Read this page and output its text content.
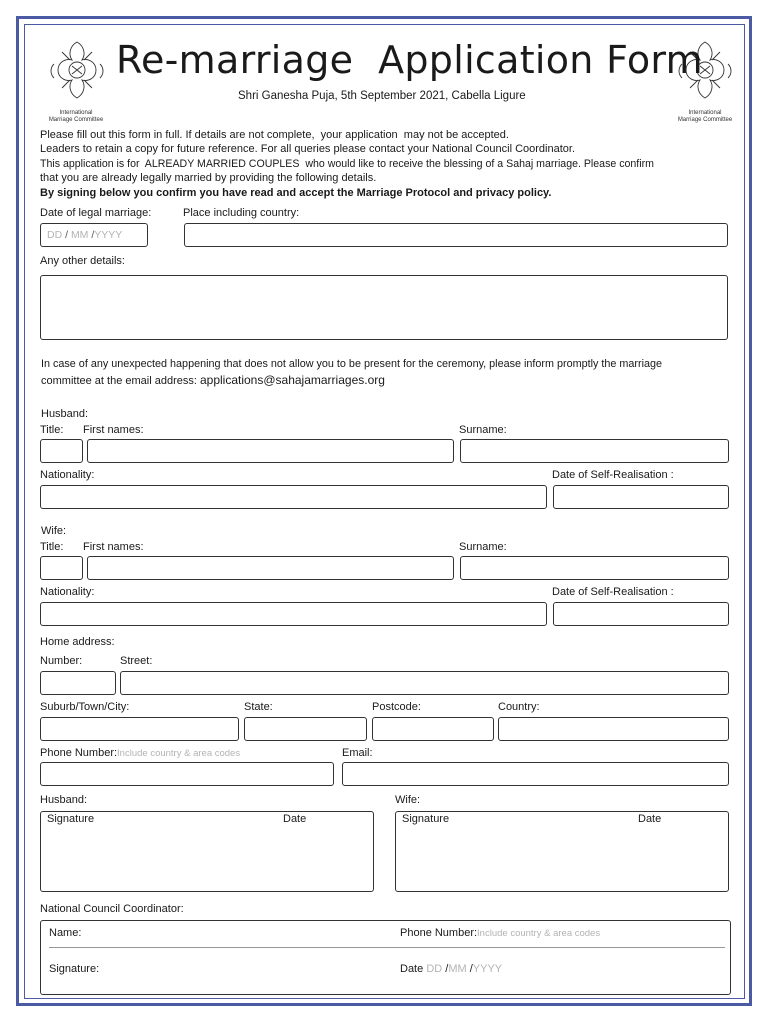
International
Marriage Committee
International
Marriage Committee
Re-marriage  Application Form
Shri Ganesha Puja, 5th September 2021, Cabella Ligure
Please fill out this form in full. If details are not complete,  your application  may not be accepted.
Leaders to retain a copy for future reference. For all queries please contact your National Council Coordinator.
This application is for  ALREADY MARRIED COUPLES  who would like to receive the blessing of a Sahaj marriage. Please confirm
that you are already legally married by providing the following details.
By signing below you confirm you have read and accept the Marriage Protocol and privacy policy.
Date of legal marriage:	Place including country:
DD / MM /YYYY
Any other details:
In case of any unexpected happening that does not allow you to be present for the ceremony, please inform promptly the marriage
committee at the email address: applications@sahajamarriages.org
Husband:
Title: First names:	Surname:
Nationality:	Date of Self-Realisation :
Wife:
Title: First names:	Surname:
Nationality:	Date of Self-Realisation :
Home address:
Number:	Street:
Suburb/Town/City:	State:	Postcode:	Country:
Phone Number:Include country & area codes	Email:
Husband:	Wife:
Signature	Date	Signature	Date
National Council Coordinator:
Name:	Phone Number:Include country & area codes
Signature:	Date DD /MM /YYYY
